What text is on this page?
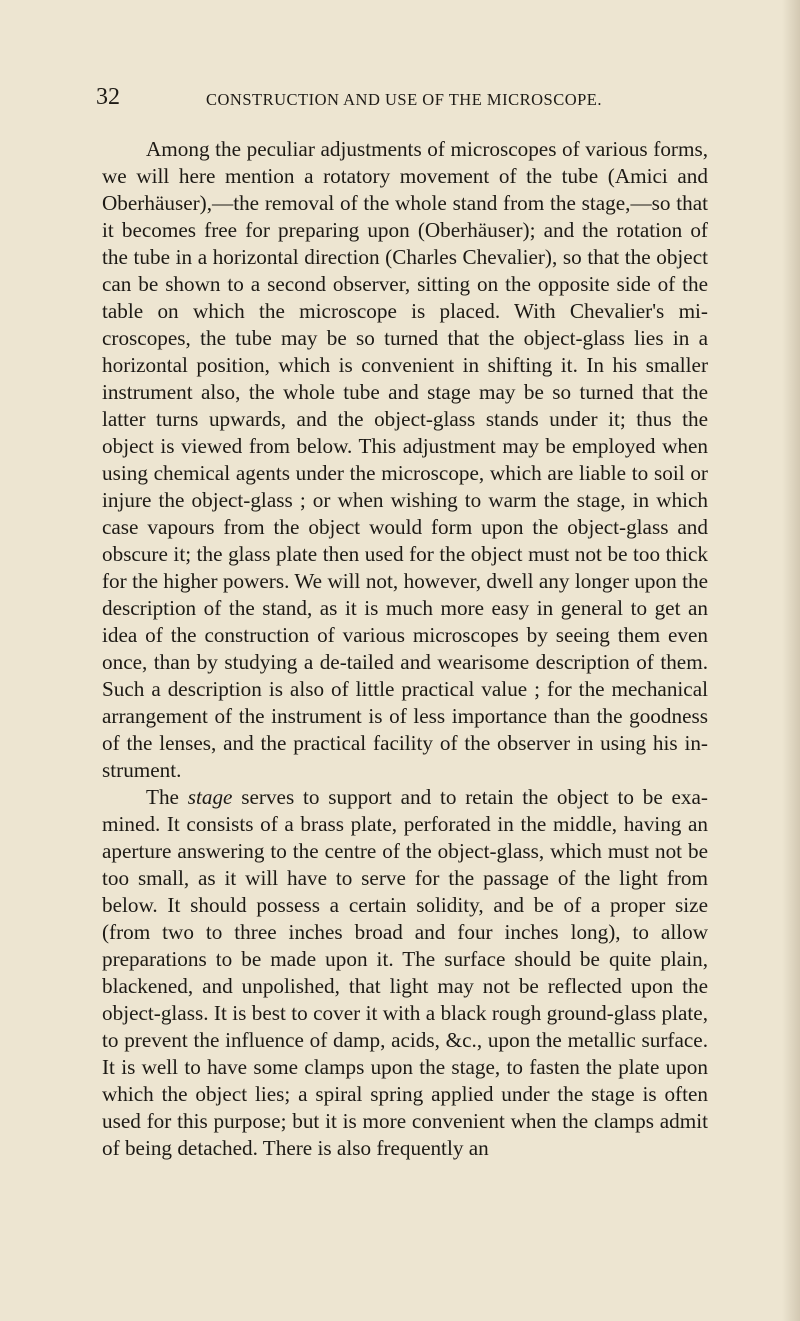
32	CONSTRUCTION AND USE OF THE MICROSCOPE.

Among the peculiar adjustments of microscopes of various forms, we will here mention a rotatory movement of the tube (Amici and Oberhäuser),—the removal of the whole stand from the stage,—so that it becomes free for preparing upon (Oberhäuser); and the rotation of the tube in a horizontal direction (Charles Chevalier), so that the object can be shown to a second observer, sitting on the opposite side of the table on which the microscope is placed. With Chevalier's mi-croscopes, the tube may be so turned that the object-glass lies in a horizontal position, which is convenient in shifting it. In his smaller instrument also, the whole tube and stage may be so turned that the latter turns upwards, and the object-glass stands under it; thus the object is viewed from below. This adjustment may be employed when using chemical agents under the microscope, which are liable to soil or injure the object-glass ; or when wishing to warm the stage, in which case vapours from the object would form upon the object-glass and obscure it; the glass plate then used for the object must not be too thick for the higher powers. We will not, however, dwell any longer upon the description of the stand, as it is much more easy in general to get an idea of the construction of various microscopes by seeing them even once, than by studying a de-tailed and wearisome description of them. Such a description is also of little practical value ; for the mechanical arrangement of the instrument is of less importance than the goodness of the lenses, and the practical facility of the observer in using his in-strument.

The stage serves to support and to retain the object to be exa-mined. It consists of a brass plate, perforated in the middle, having an aperture answering to the centre of the object-glass, which must not be too small, as it will have to serve for the passage of the light from below. It should possess a certain solidity, and be of a proper size (from two to three inches broad and four inches long), to allow preparations to be made upon it. The surface should be quite plain, blackened, and unpolished, that light may not be reflected upon the object-glass. It is best to cover it with a black rough ground-glass plate, to prevent the influence of damp, acids, &c., upon the metallic surface. It is well to have some clamps upon the stage, to fasten the plate upon which the object lies; a spiral spring applied under the stage is often used for this purpose; but it is more convenient when the clamps admit of being detached. There is also frequently an
